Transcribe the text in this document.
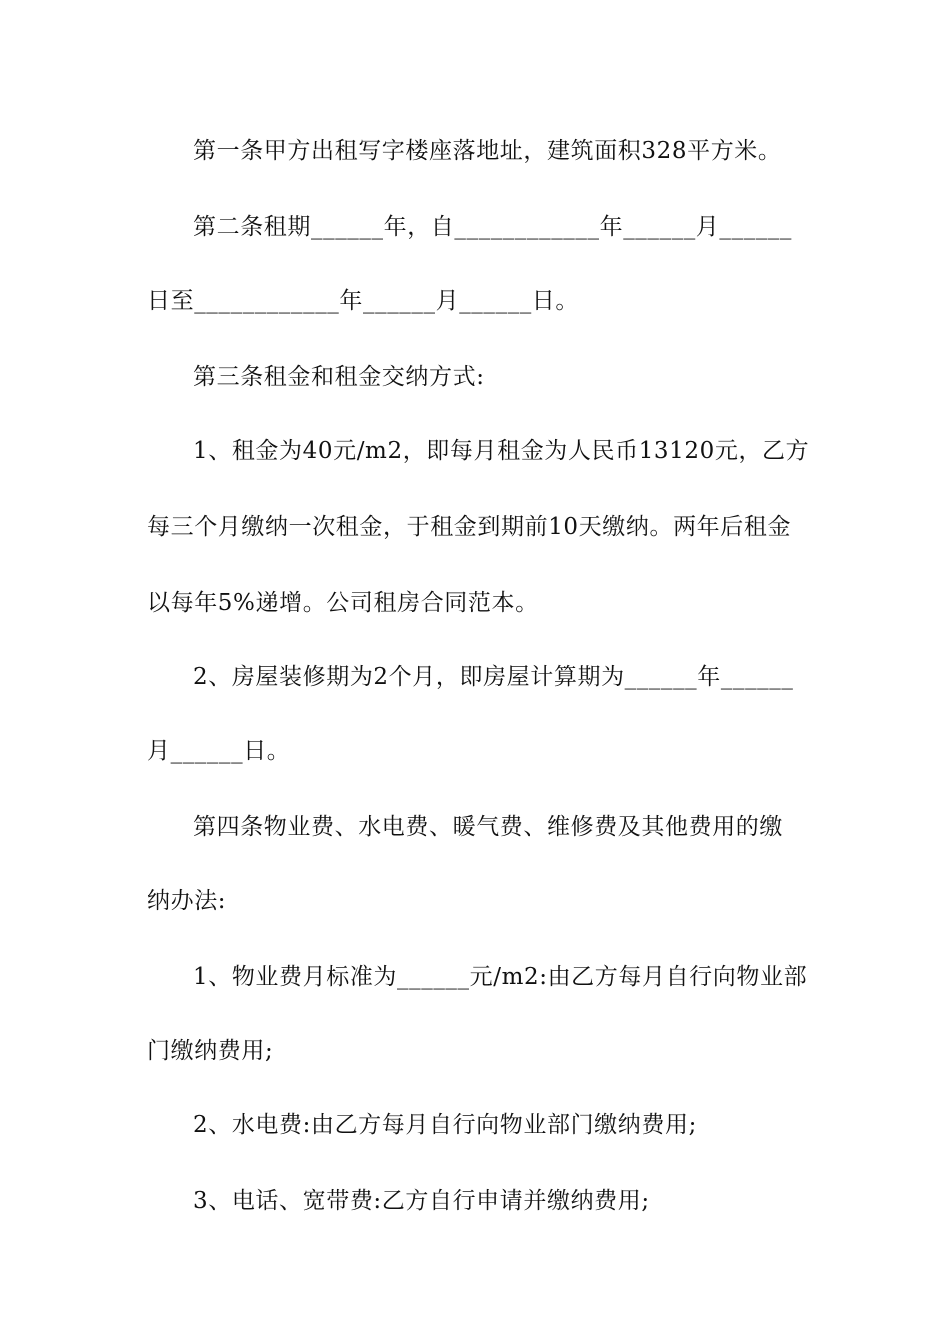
第一条甲方出租写字楼座落地址，建筑面积328平方米。
第二条租期______年，自____________年______月______
日至____________年______月______日。
第三条租金和租金交纳方式:
1、租金为40元/m2，即每月租金为人民币13120元，乙方
每三个月缴纳一次租金，于租金到期前10天缴纳。两年后租金
以每年5%递增。公司租房合同范本。
2、房屋装修期为2个月，即房屋计算期为______年______
月______日。
第四条物业费、水电费、暖气费、维修费及其他费用的缴
纳办法:
1、物业费月标准为______元/m2:由乙方每月自行向物业部
门缴纳费用;
2、水电费:由乙方每月自行向物业部门缴纳费用;
3、电话、宽带费:乙方自行申请并缴纳费用;
